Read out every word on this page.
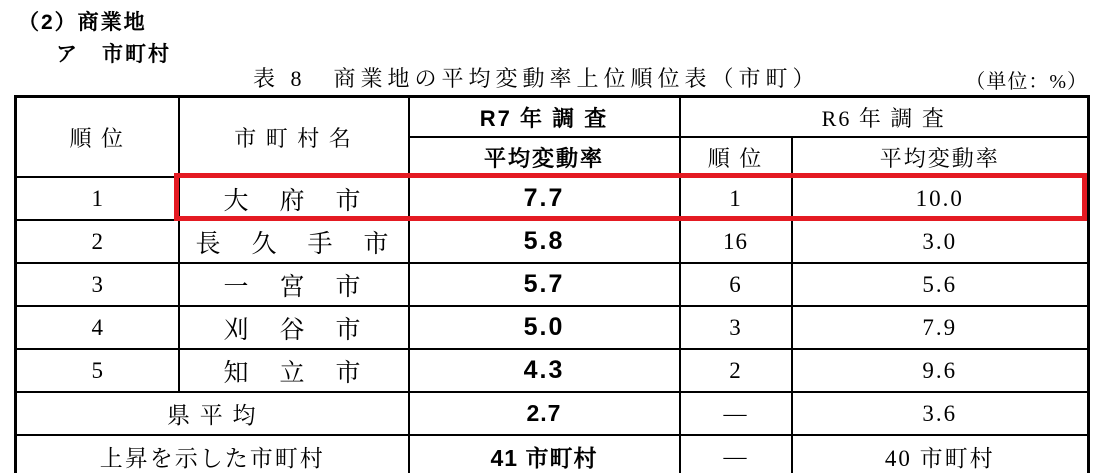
（2）商業地
ア　市町村
表 8　商業地の平均変動率上位順位表（市町）	（単位：%）
順 位	市 町 村 名	R7 年 調 査	R6 年 調 査	
		平均変動率	順 位	平均変動率
1	大　府　市	7.7	1	10.0
2	長　久　手　市	5.8	16	3.0
3	一　宮　市	5.7	6	5.6
4	刈　谷　市	5.0	3	7.9
5	知　立　市	4.3	2	9.6
県 平 均		2.7	―	3.6
上昇を示した市町村		41 市町村	―	40 市町村
